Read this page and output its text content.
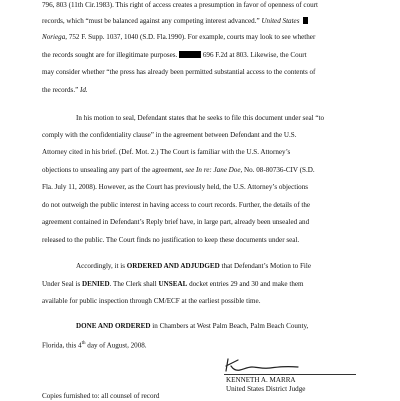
796, 803 (11th Cir.1983). This right of access creates a presumption in favor of openness of court
records, which “must be balanced against any competing interest advanced.” United States
Noriega, 752 F. Supp. 1037, 1040 (S.D. Fla.1990). For example, courts may look to see whether
the records sought are for illegitimate purposes.	696 F.2d at 803. Likewise, the Court
may consider whether “the press has already been permitted substantial access to the contents of
the records.” Id.
In his motion to seal, Defendant states that he seeks to file this document under seal “to
comply with the confidentiality clause” in the agreement between Defendant and the U.S.
Attorney cited in his brief. (Def. Mot. 2.) The Court is familiar with the U.S. Attorney’s
objections to unsealing any part of the agreement, see In re: Jane Doe, No. 08-80736-CIV (S.D.
Fla. July 11, 2008). However, as the Court has previously held, the U.S. Attorney’s objections
do not outweigh the public interest in having access to court records. Further, the details of the
agreement contained in Defendant’s Reply brief have, in large part, already been unsealed and
released to the public. The Court finds no justification to keep these documents under seal.
Accordingly, it is ORDERED AND ADJUDGED that Defendant’s Motion to File
Under Seal is DENIED. The Clerk shall UNSEAL docket entries 29 and 30 and make them
available for public inspection through CM/ECF at the earliest possible time.
DONE AND ORDERED in Chambers at West Palm Beach, Palm Beach County,
Florida, this 4th day of August, 2008.
KENNETH A. MARRA
United States District Judge
Copies furnished to: all counsel of record
